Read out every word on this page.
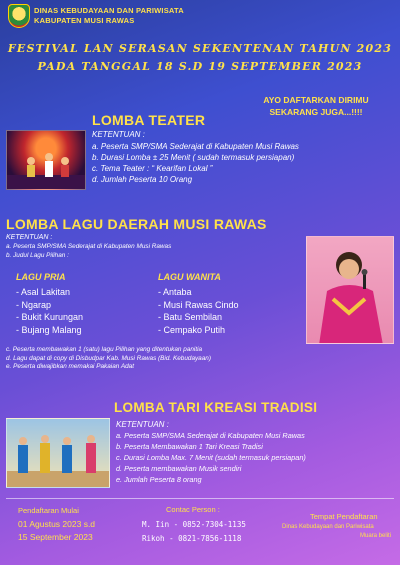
DINAS KEBUDAYAAN DAN PARIWISATA
KABUPATEN MUSI RAWAS
FESTIVAL LAN SERASAN SEKENTENAN TAHUN 2023
PADA TANGGAL 18 S.D 19 SEPTEMBER 2023
AYO DAFTARKAN DIRIMU
SEKARANG JUGA...!!!!
LOMBA TEATER
KETENTUAN :
a. Peserta SMP/SMA Sederajat di Kabupaten Musi Rawas
b. Durasi Lomba ± 25 Menit ( sudah termasuk persiapan)
c. Tema Teater : “ Kearifan Lokal ”
d. Jumlah Peserta 10 Orang
LOMBA LAGU DAERAH MUSI RAWAS
KETENTUAN :
a. Peserta SMP/SMA Sederajat di Kabupaten Musi Rawas
b. Judul Lagu Pilihan :
LAGU PRIA
- Asal Lakitan
- Ngarap
- Bukit Kurungan
- Bujang Malang
LAGU WANITA
- Antaba
- Musi Rawas Cindo
- Batu Sembilan
- Cempako Putih
c. Peserta membawakan 1 (satu) lagu Pilihan yang ditentukan panitia
d. Lagu dapat di copy di Disbudpar Kab. Musi Rawas (Bid. Kebudayaan)
e. Peserta diwajibkan memakai Pakaian Adat
LOMBA TARI KREASI TRADISI
KETENTUAN :
a. Peserta SMP/SMA Sederajat di Kabupaten Musi Rawas
b. Peserta Membawakan 1 Tari Kreasi Tradisi
c. Durasi Lomba Max. 7 Menit (sudah termasuk persiapan)
d. Peserta membawakan Musik sendiri
e. Jumlah Peserta 8 orang
Pendaftaran Mulai
01 Agustus 2023 s.d
15 September 2023
Contac Person :
M. Iin - 0852-7304-1135
Rikoh - 0821-7856-1118
Tempat Pendaftaran
Dinas Kebudayaan dan Pariwisata
Muara beliti
